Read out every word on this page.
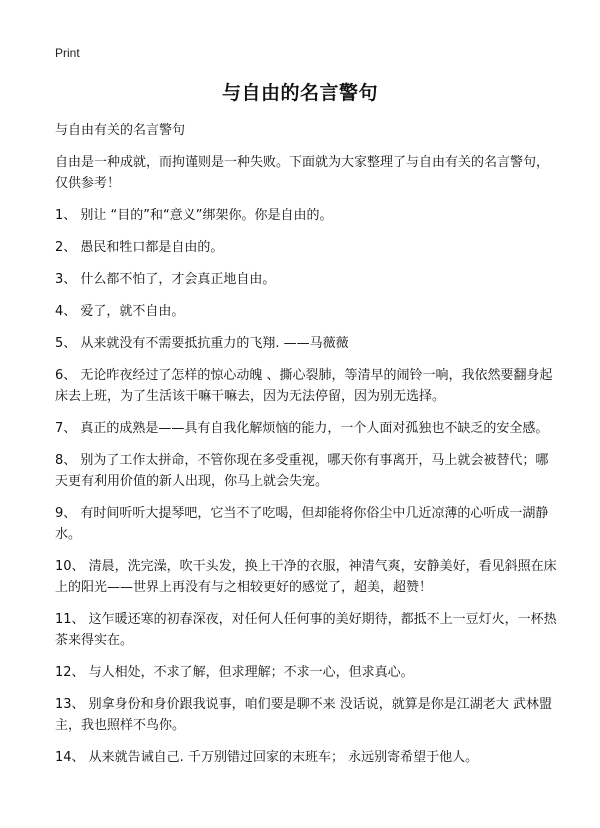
Print
与自由的名言警句

与自由有关的名言警句

自由是一种成就，而拘谨则是一种失败。下面就为大家整理了与自由有关的名言警句，仅供参考！

1、 别让 “目的”和“意义”绑架你。你是自由的。

2、 愚民和牲口都是自由的。

3、 什么都不怕了，才会真正地自由。

4、 爱了，就不自由。

5、 从来就没有不需要抵抗重力的飞翔. ——马薇薇

6、 无论昨夜经过了怎样的惊心动魄 、撕心裂肺，等清早的闹铃一响，我依然要翻身起床去上班，为了生活该干嘛干嘛去，因为无法停留，因为别无选择。

7、 真正的成熟是——具有自我化解烦恼的能力，一个人面对孤独也不缺乏的安全感。

8、 别为了工作太拼命，不管你现在多受重视，哪天你有事离开，马上就会被替代；哪天更有利用价值的新人出现，你马上就会失宠。

9、 有时间听听大提琴吧，它当不了吃喝，但却能将你俗尘中几近凉薄的心听成一湖静水。

10、 清晨，洗完澡，吹干头发，换上干净的衣服，神清气爽，安静美好，看见斜照在床上的阳光——世界上再没有与之相较更好的感觉了，超美，超赞！

11、 这乍暖还寒的初春深夜，对任何人任何事的美好期待，都抵不上一豆灯火，一杯热茶来得实在。

12、 与人相处，不求了解，但求理解；不求一心，但求真心。

13、 别拿身份和身价跟我说事，咱们要是聊不来 没话说，就算是你是江湖老大 武林盟主，我也照样不鸟你。

14、 从来就告诫自己. 千万别错过回家的末班车； 永远别寄希望于他人。
